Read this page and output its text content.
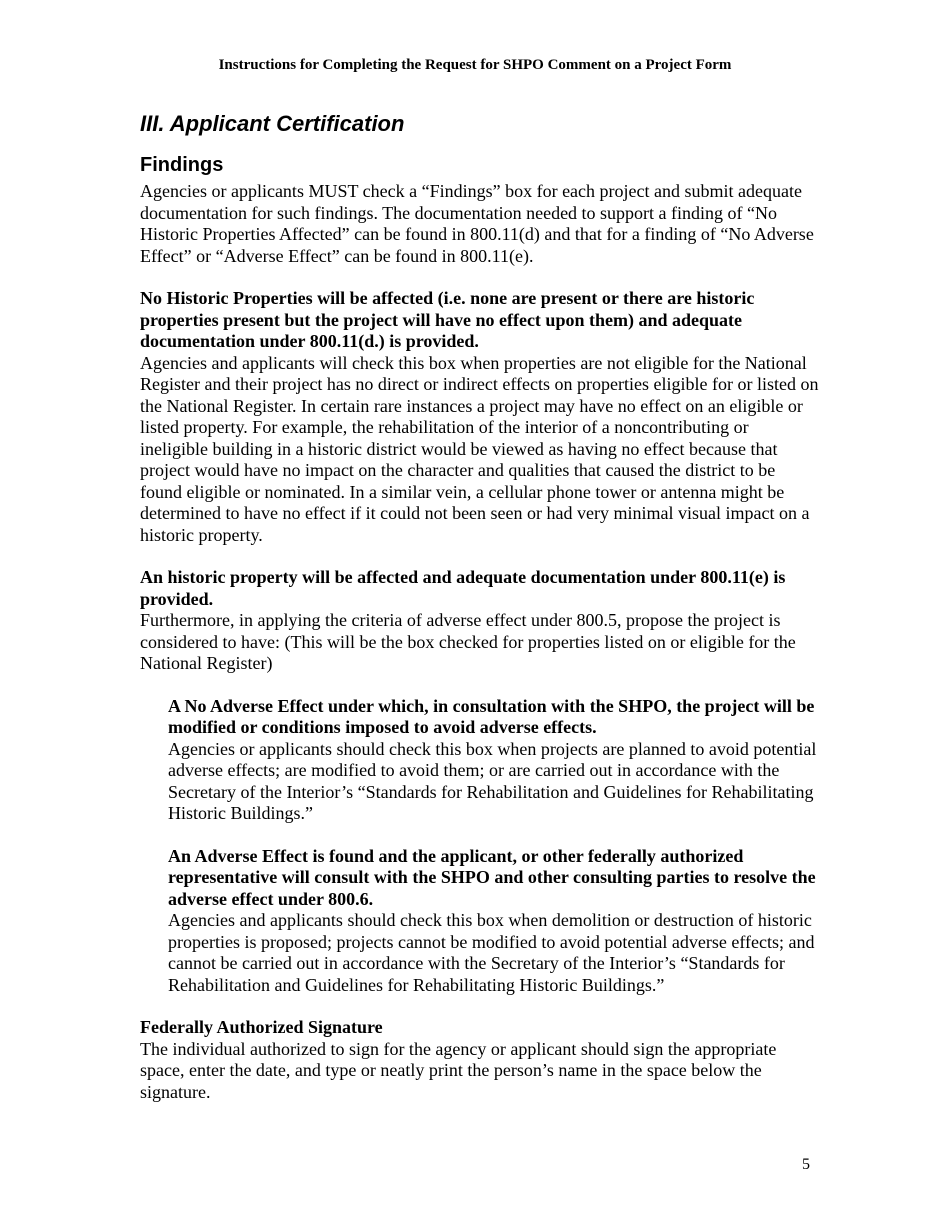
Instructions for Completing the Request for SHPO Comment on a Project Form
III. Applicant Certification
Findings

Agencies or applicants MUST check a “Findings” box for each project and submit adequate documentation for such findings. The documentation needed to support a finding of “No Historic Properties Affected” can be found in 800.11(d) and that for a finding of “No Adverse Effect” or “Adverse Effect” can be found in 800.11(e).

No Historic Properties will be affected (i.e. none are present or there are historic properties present but the project will have no effect upon them) and adequate documentation under 800.11(d.) is provided.

Agencies and applicants will check this box when properties are not eligible for the National Register and their project has no direct or indirect effects on properties eligible for or listed on the National Register. In certain rare instances a project may have no effect on an eligible or listed property. For example, the rehabilitation of the interior of a noncontributing or ineligible building in a historic district would be viewed as having no effect because that project would have no impact on the character and qualities that caused the district to be found eligible or nominated. In a similar vein, a cellular phone tower or antenna might be determined to have no effect if it could not been seen or had very minimal visual impact on a historic property.

An historic property will be affected and adequate documentation under 800.11(e) is provided.

Furthermore, in applying the criteria of adverse effect under 800.5, propose the project is considered to have: (This will be the box checked for properties listed on or eligible for the National Register)

A No Adverse Effect under which, in consultation with the SHPO, the project will be modified or conditions imposed to avoid adverse effects.

Agencies or applicants should check this box when projects are planned to avoid potential adverse effects; are modified to avoid them; or are carried out in accordance with the Secretary of the Interior’s “Standards for Rehabilitation and Guidelines for Rehabilitating Historic Buildings.”

An Adverse Effect is found and the applicant, or other federally authorized representative will consult with the SHPO and other consulting parties to resolve the adverse effect under 800.6.

Agencies and applicants should check this box when demolition or destruction of historic properties is proposed; projects cannot be modified to avoid potential adverse effects; and cannot be carried out in accordance with the Secretary of the Interior’s “Standards for Rehabilitation and Guidelines for Rehabilitating Historic Buildings.”

Federally Authorized Signature

The individual authorized to sign for the agency or applicant should sign the appropriate space, enter the date, and type or neatly print the person’s name in the space below the signature.

5
